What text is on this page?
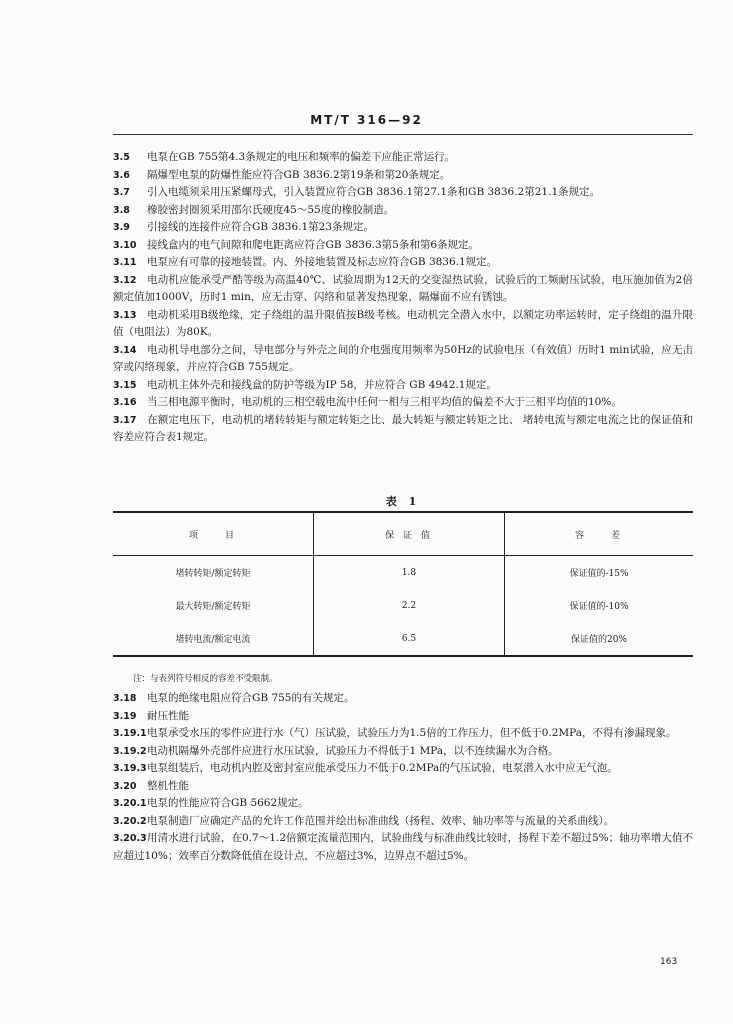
MT/T 316—92

3.5 电泵在GB 755第4.3条规定的电压和频率的偏差下应能正常运行。

3.6 隔爆型电泵的防爆性能应符合GB 3836.2第19条和第20条规定。

3.7 引入电缆须采用压紧螺母式，引入装置应符合GB 3836.1第27.1条和GB 3836.2第21.1条规定。

3.8 橡胶密封圈须采用邵尔氏硬度45～55度的橡胶制造。

3.9 引接线的连接件应符合GB 3836.1第23条规定。

3.10 接线盒内的电气间隙和爬电距离应符合GB 3836.3第5条和第6条规定。

3.11 电泵应有可靠的接地装置。内、外接地装置及标志应符合GB 3836.1规定。

3.12 电动机应能承受严酷等级为高温40℃、试验周期为12天的交变湿热试验，试验后的工频耐压试验，电压施加值为2倍额定值加1000V，历时1 min，应无击穿、闪络和显著发热现象，隔爆面不应有锈蚀。

3.13 电动机采用B级绝缘，定子绕组的温升限值按B级考核。电动机完全潜入水中，以额定功率运转时，定子绕组的温升限值（电阻法）为80K。

3.14 电动机导电部分之间，导电部分与外壳之间的介电强度用频率为50Hz的试验电压（有效值）历时1 min试验，应无击穿或闪络现象，并应符合GB 755规定。

3.15 电动机主体外壳和接线盒的防护等级为IP 58，并应符合 GB 4942.1规定。

3.16 当三相电源平衡时，电动机的三相空载电流中任何一相与三相平均值的偏差不大于三相平均值的10%。

3.17 在额定电压下，电动机的堵转转矩与额定转矩之比、最大转矩与额定转矩之比、 堵转电流与额定电流之比的保证值和容差应符合表1规定。

表 1
项　　目	保 证 值	容　　差
堵转转矩/额定转矩	1.8	保证值的-15%
最大转矩/额定转矩	2.2	保证值的-10%
堵转电流/额定电流	6.5	保证值的20%
注：与表列符号相反的容差不受限制。

3.18 电泵的绝缘电阻应符合GB 755的有关规定。

3.19 耐压性能

3.19.1电泵承受水压的零件应进行水（气）压试验，试验压力为1.5倍的工作压力，但不低于0.2MPa，不得有渗漏现象。

3.19.2电动机隔爆外壳部件应进行水压试验，试验压力不得低于1 MPa，以不连续漏水为合格。

3.19.3电泵组装后，电动机内腔及密封室应能承受压力不低于0.2MPa的气压试验，电泵潜入水中应无气泡。

3.20 整机性能

3.20.1电泵的性能应符合GB 5662规定。

3.20.2电泵制造厂应确定产品的允许工作范围并绘出标准曲线（扬程、效率、轴功率等与流量的关系曲线）。

3.20.3用清水进行试验，在0.7～1.2倍额定流量范围内，试验曲线与标准曲线比较时，扬程下差不超过5%；轴功率增大值不应超过10%；效率百分数降低值在设计点，不应超过3%，边界点不超过5%。

163
